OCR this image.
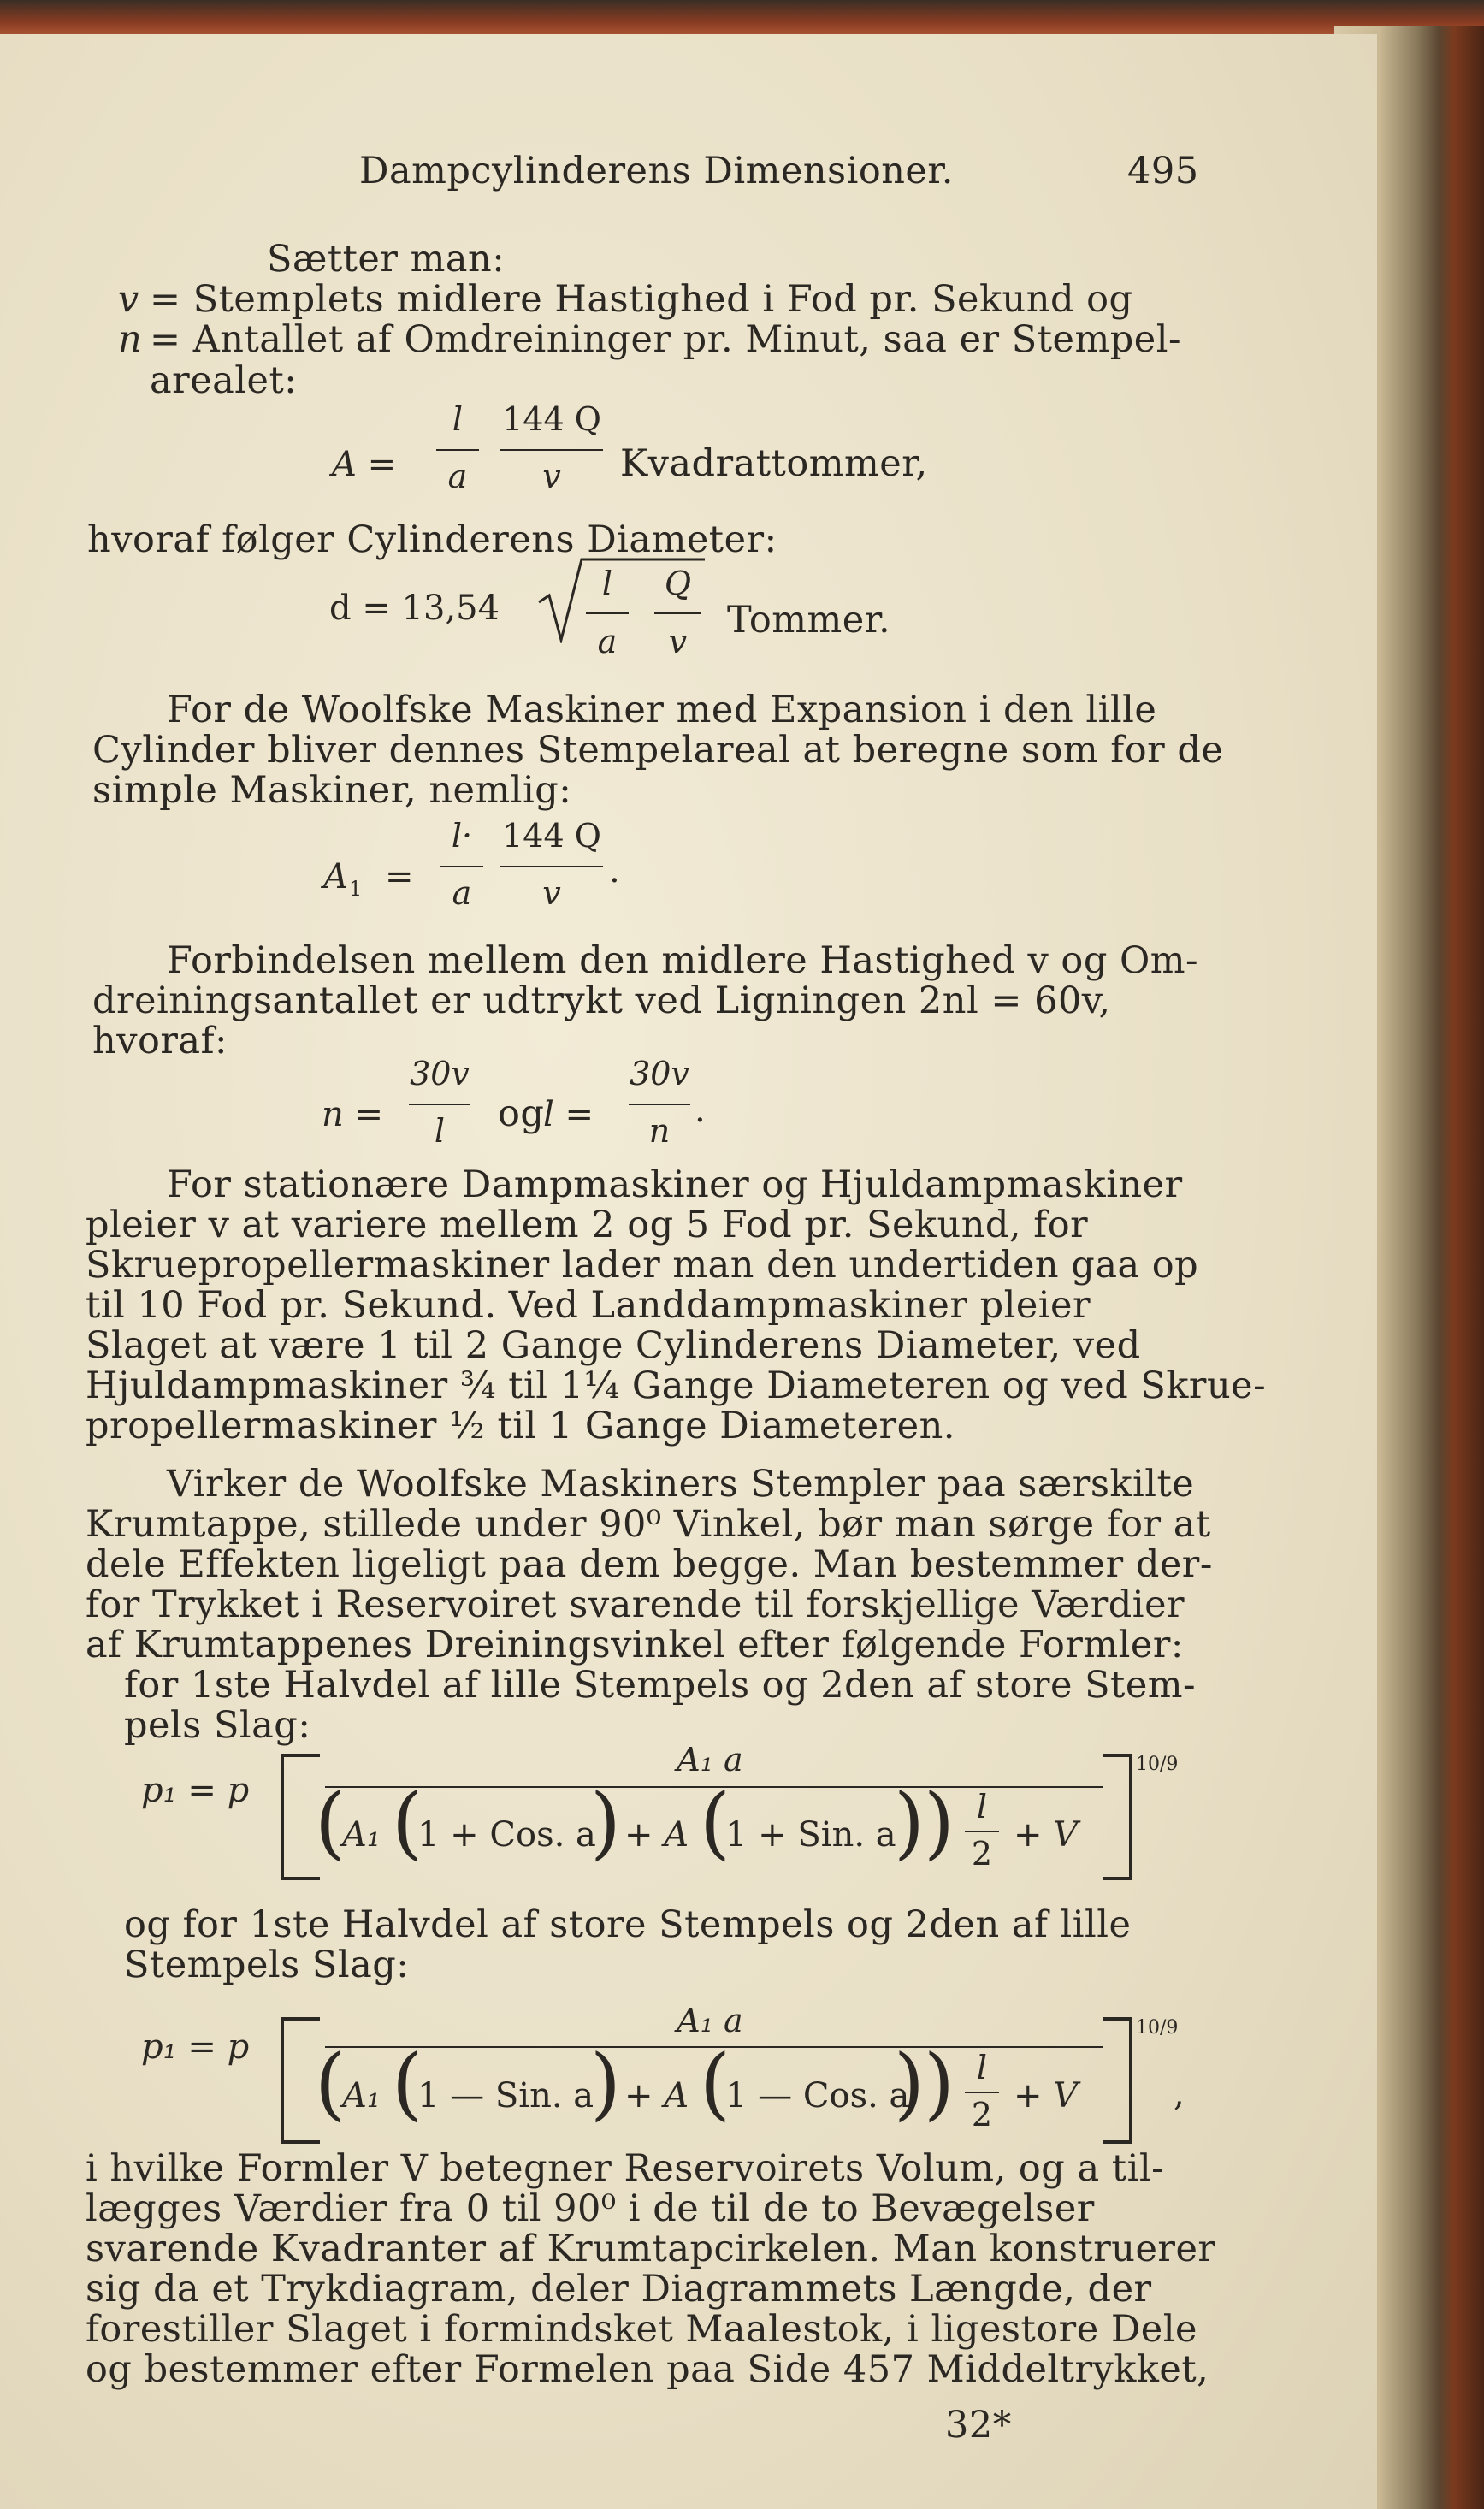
Dampcylinderens Dimensioner.	495
Sætter man:
v = Stemplets midlere Hastighed i Fod pr. Sekund og
n = Antallet af Omdreininger pr. Minut, saa er Stempel-
arealet:
A =
l
a
144 Q
v	Kvadrattommer,
hvoraf følger Cylinderens Diameter:
d = 13,54
l
a
Q
v	Tommer.
For de Woolfske Maskiner med Expansion i den lille
Cylinder bliver dennes Stempelareal at beregne som for de
simple Maskiner, nemlig:
A 1 =
l·
a
144 Q
v
.
Forbindelsen mellem den midlere Hastighed v og Om-
dreiningsantallet er udtrykt ved Ligningen 2nl = 60v,
hvoraf:
n =
30v
l	og
l =
30v
n
.
For stationære Dampmaskiner og Hjuldampmaskiner
pleier v at variere mellem 2 og 5 Fod pr. Sekund, for
Skruepropellermaskiner lader man den undertiden gaa op
til 10 Fod pr. Sekund. Ved Landdampmaskiner pleier
Slaget at være 1 til 2 Gange Cylinderens Diameter, ved
Hjuldampmaskiner ¾ til 1¼ Gange Diameteren og ved Skrue-
propellermaskiner ½ til 1 Gange Diameteren.
Virker de Woolfske Maskiners Stempler paa særskilte
Krumtappe, stillede under 90⁰ Vinkel, bør man sørge for at
dele Effekten ligeligt paa dem begge. Man bestemmer der-
for Trykket i Reservoiret svarende til forskjellige Værdier
af Krumtappenes Dreiningsvinkel efter følgende Formler:
for 1ste Halvdel af lille Stempels og 2den af store Stem-
pels Slag:
p₁ = p
A₁ a
(
A₁ (
1 + Cos. a
) + A (
1 + Sin. a
) ) l
2 + V
10/9
og for 1ste Halvdel af store Stempels og 2den af lille
Stempels Slag:
p₁ = p
A₁ a
(
A₁ (
1 — Sin. a
) + A (
1 — Cos. a
) ) l
2 + V
10/9
,
i hvilke Formler V betegner Reservoirets Volum, og a til-
lægges Værdier fra 0 til 90⁰ i de til de to Bevægelser
svarende Kvadranter af Krumtapcirkelen. Man konstruerer
sig da et Trykdiagram, deler Diagrammets Længde, der
forestiller Slaget i formindsket Maalestok, i ligestore Dele
og bestemmer efter Formelen paa Side 457 Middeltrykket,
32*
